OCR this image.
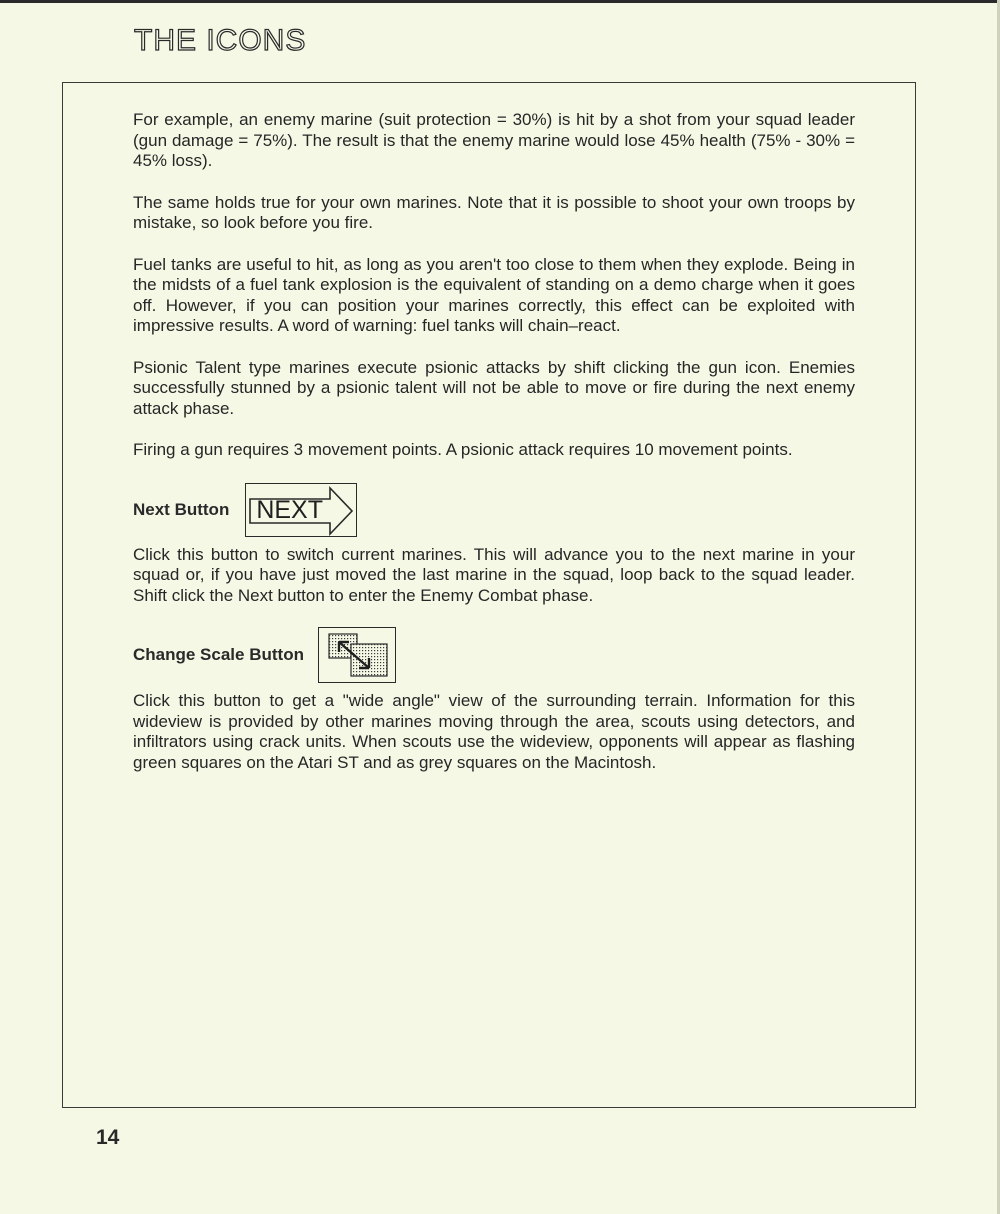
THE ICONS

For example, an enemy marine (suit protection = 30%) is hit by a shot from your squad leader (gun damage = 75%). The result is that the enemy marine would lose 45% health (75% - 30% = 45% loss).

The same holds true for your own marines. Note that it is possible to shoot your own troops by mistake, so look before you fire.

Fuel tanks are useful to hit, as long as you aren't too close to them when they explode. Being in the midsts of a fuel tank explosion is the equivalent of standing on a demo charge when it goes off. However, if you can position your marines correctly, this effect can be exploited with impressive results. A word of warning: fuel tanks will chain–react.

Psionic Talent type marines execute psionic attacks by shift clicking the gun icon. Enemies successfully stunned by a psionic talent will not be able to move or fire during the next enemy attack phase.

Firing a gun requires 3 movement points. A psionic attack requires 10 movement points.

Next Button NEXT

Click this button to switch current marines. This will advance you to the next marine in your squad or, if you have just moved the last marine in the squad, loop back to the squad leader. Shift click the Next button to enter the Enemy Combat phase.

Change Scale Button

Click this button to get a "wide angle" view of the surrounding terrain. Information for this wideview is provided by other marines moving through the area, scouts using detectors, and infiltrators using crack units. When scouts use the wideview, opponents will appear as flashing green squares on the Atari ST and as grey squares on the Macintosh.

14
